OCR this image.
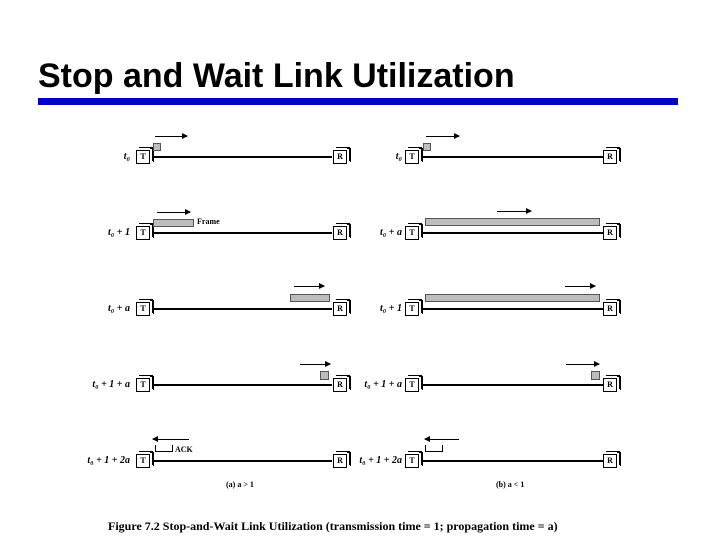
Stop and Wait Link Utilization
t₀	T	R
t₀ + 1	T	R
Frame
t₀ + a	T	R
t₀ + 1 + a	T	R
t₀ + 1 + 2a	T	R
ACK
(a) a > 1
t₀ T	R
t₀ + a T	R
t₀ + 1 T	R
t₀ + 1 + a T	R
t₀ + 1 + 2a T	R
(b) a < 1
Figure 7.2 Stop-and-Wait Link Utilization (transmission time = 1; propagation time = a)
